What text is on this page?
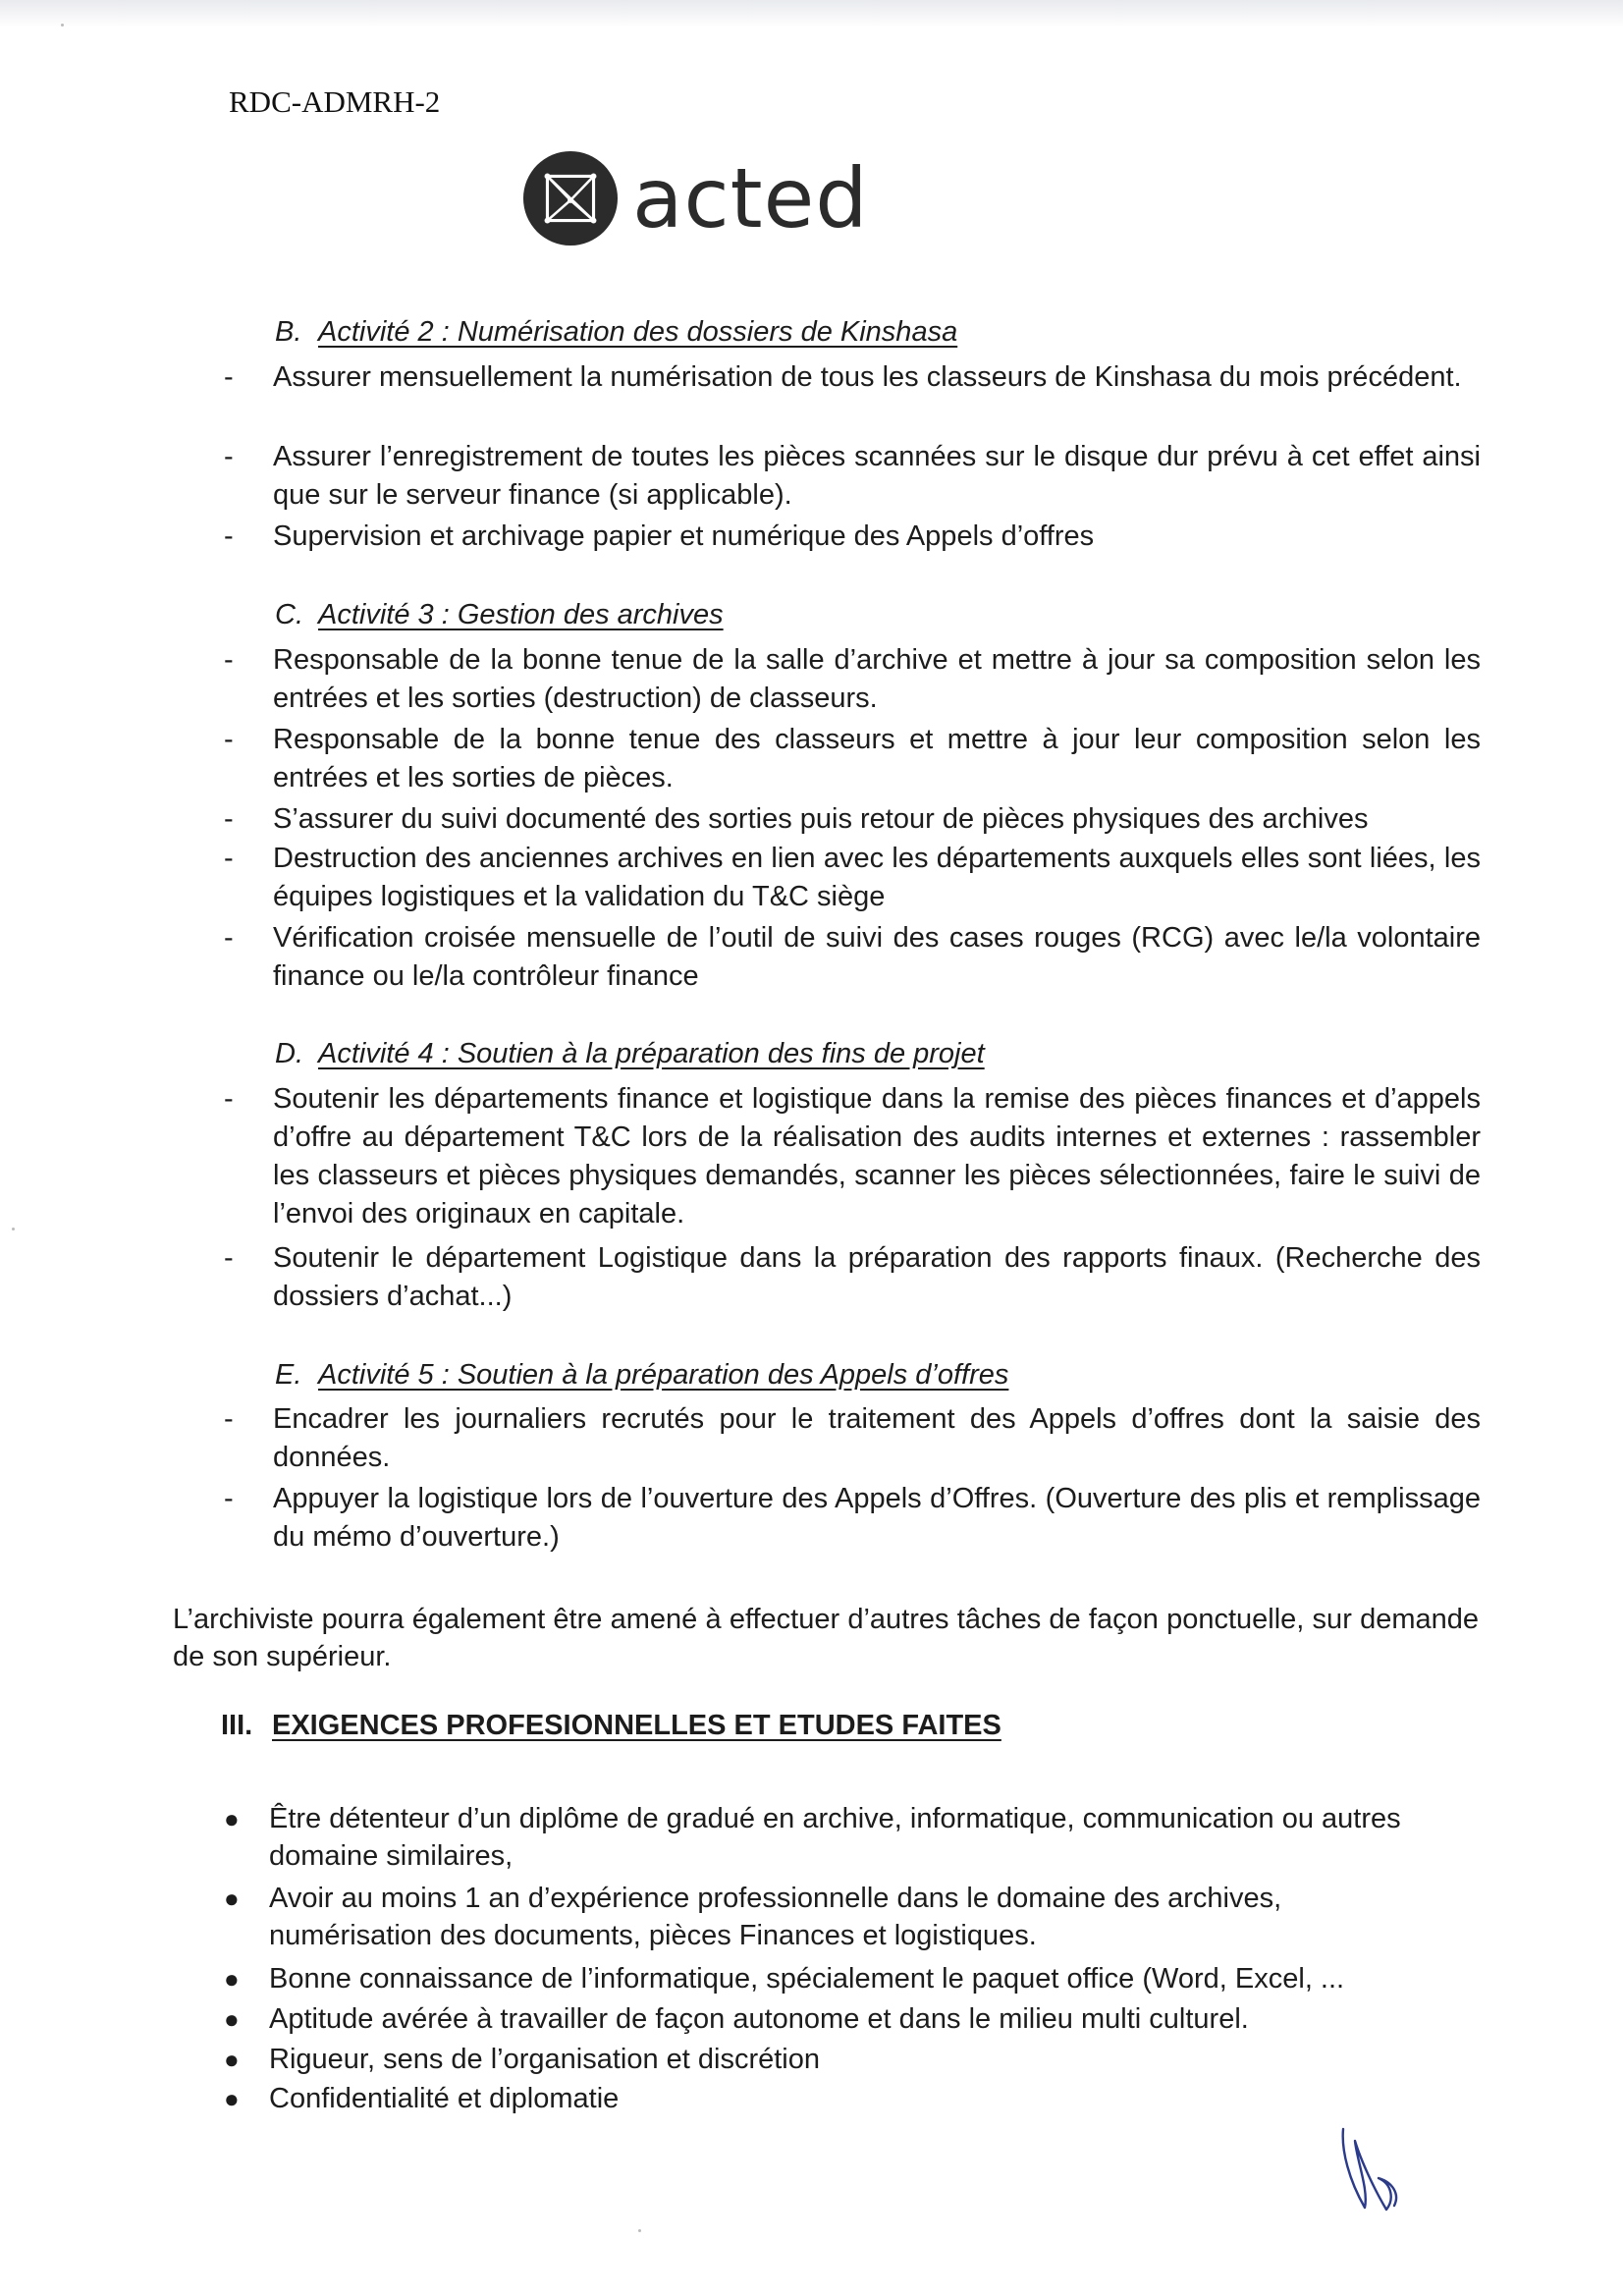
RDC-ADMRH-2
acted
B. Activité 2 : Numérisation des dossiers de Kinshasa
- Assurer mensuellement la numérisation de tous les classeurs de Kinshasa du mois précédent.
- Assurer l’enregistrement de toutes les pièces scannées sur le disque dur prévu à cet effet ainsi que sur le serveur finance (si applicable).
- Supervision et archivage papier et numérique des Appels d’offres
C. Activité 3 : Gestion des archives
- Responsable de la bonne tenue de la salle d’archive et mettre à jour sa composition selon les entrées et les sorties (destruction) de classeurs.
- Responsable de la bonne tenue des classeurs et mettre à jour leur composition selon les entrées et les sorties de pièces.
- S’assurer du suivi documenté des sorties puis retour de pièces physiques des archives
- Destruction des anciennes archives en lien avec les départements auxquels elles sont liées, les équipes logistiques et la validation du T&C siège
- Vérification croisée mensuelle de l’outil de suivi des cases rouges (RCG) avec le/la volontaire finance ou le/la contrôleur finance
D. Activité 4 : Soutien à la préparation des fins de projet
- Soutenir les départements finance et logistique dans la remise des pièces finances et d’appels d’offre au département T&C lors de la réalisation des audits internes et externes : rassembler les classeurs et pièces physiques demandés, scanner les pièces sélectionnées, faire le suivi de l’envoi des originaux en capitale.
- Soutenir le département Logistique dans la préparation des rapports finaux. (Recherche des dossiers d’achat...)
E. Activité 5 : Soutien à la préparation des Appels d’offres
- Encadrer les journaliers recrutés pour le traitement des Appels d’offres dont la saisie des données.
- Appuyer la logistique lors de l’ouverture des Appels d’Offres. (Ouverture des plis et remplissage du mémo d’ouverture.)
L’archiviste pourra également être amené à effectuer d’autres tâches de façon ponctuelle, sur demande de son supérieur.
III. EXIGENCES PROFESIONNELLES ET ETUDES FAITES
● Être détenteur d’un diplôme de gradué en archive, informatique, communication ou autres domaine similaires,
● Avoir au moins 1 an d’expérience professionnelle dans le domaine des archives, numérisation des documents, pièces Finances et logistiques.
● Bonne connaissance de l’informatique, spécialement le paquet office (Word, Excel, ...
● Aptitude avérée à travailler de façon autonome et dans le milieu multi culturel.
● Rigueur, sens de l’organisation et discrétion
● Confidentialité et diplomatie
